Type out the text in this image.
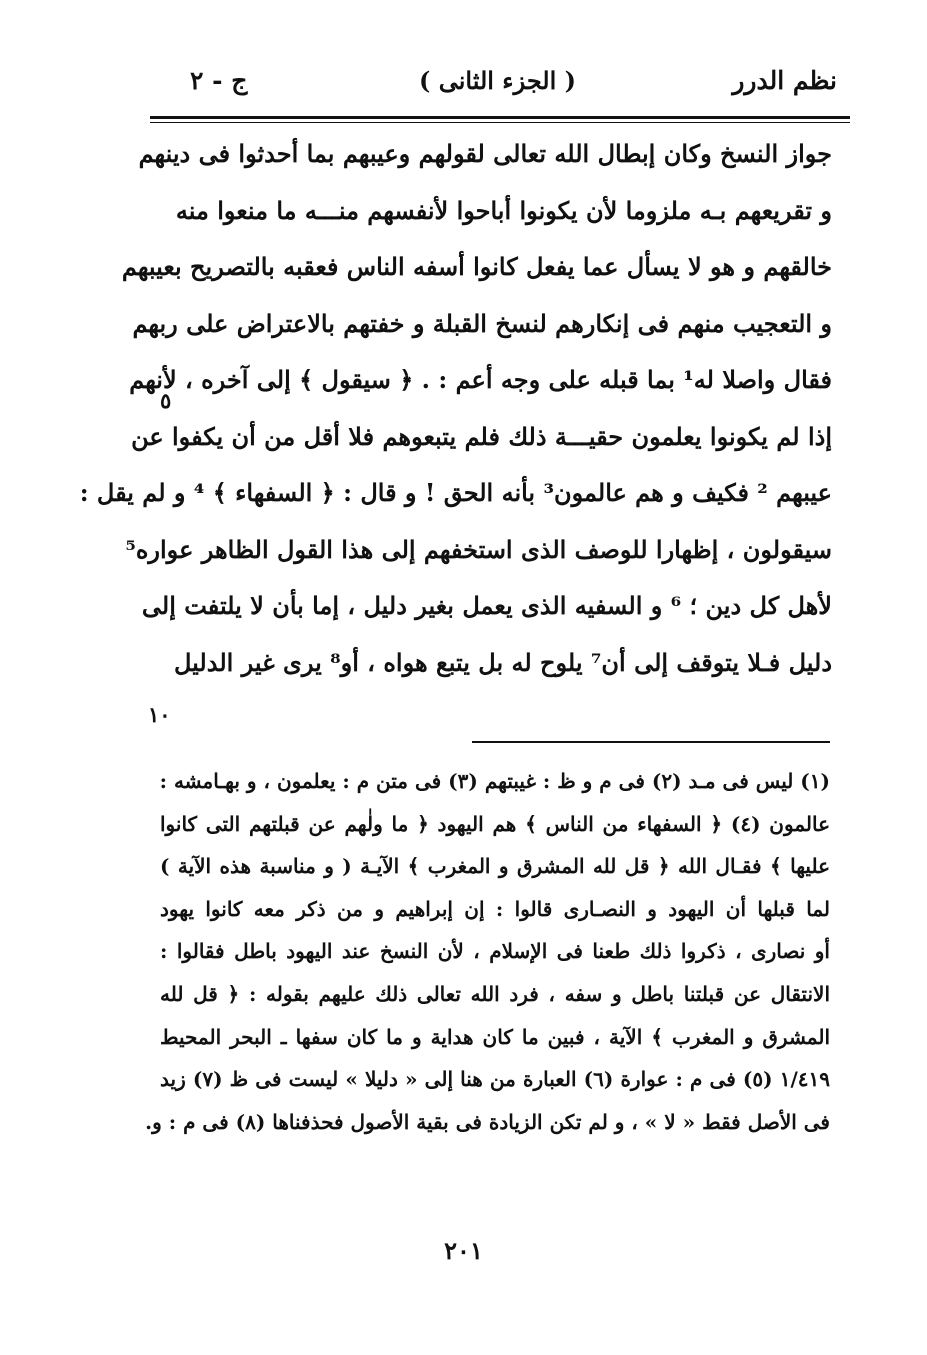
نظم الدرر
( الجزء الثانى )
ج - ٢
جواز النسخ وكان إبطال الله تعالى لقولهم وعيبهم بما أحدثوا فى دينهم
و تقريعهم بـه ملزوما لأن يكونوا أباحوا لأنفسهم منـــه ما منعوا منه
خالقهم و هو لا يسأل عما يفعل كانوا أسفه الناس فعقبه بالتصريح بعيبهم
و التعجيب منهم فى إنكارهم لنسخ القبلة و خفتهم بالاعتراض على ربهم
فقال واصلا له¹ بما قبله على وجه أعم : . ﴿ سيقول ﴾ إلى آخره ، لأنهم
إذا لم يكونوا يعلمون حقيـــة ذلك فلم يتبعوهم فلا أقل من أن يكفوا عن
عيبهم ² فكيف و هم عالمون³ بأنه الحق ! و قال : ﴿ السفهاء ﴾ ⁴ و لم يقل :
سيقولون ، إظهارا للوصف الذى استخفهم إلى هذا القول الظاهر عواره⁵
لأهل كل دين ؛ ⁶ و السفيه الذى يعمل بغير دليل ، إما بأن لا يلتفت إلى
دليل فـلا يتوقف إلى أن⁷ يلوح له بل يتبع هواه ، أو⁸ يرى غير الدليل
٥
١٠
(١) ليس فى مـد (٢) فى م و ظ : غيبتهم (٣) فى متن م : يعلمون ، و بهـامشه :
عالمون (٤) ﴿ السفهاء من الناس ﴾ هم اليهود ﴿ ما ولٰهم عن قبلتهم التى كانوا
عليها ﴾ فقـال الله ﴿ قل لله المشرق و المغرب ﴾ الآيـة ( و مناسبة هذه الآية )
لما قبلها أن اليهود و النصـارى قالوا : إن إبراهيم و من ذكر معه كانوا يهود
أو نصارى ، ذكروا ذلك طعنا فى الإسلام ، لأن النسخ عند اليهود باطل فقالوا :
الانتقال عن قبلتنا باطل و سفه ، فرد الله تعالى ذلك عليهم بقوله : ﴿ قل لله
المشرق و المغرب ﴾ الآية ، فبين ما كان هداية و ما كان سفها ـ البحر المحيط
١/٤١٩ (٥) فى م : عوارة (٦) العبارة من هنا إلى « دليلا » ليست فى ظ (٧) زيد
فى الأصل فقط « لا » ، و لم تكن الزيادة فى بقية الأصول فحذفناها (٨) فى م : و.
٢٠١
